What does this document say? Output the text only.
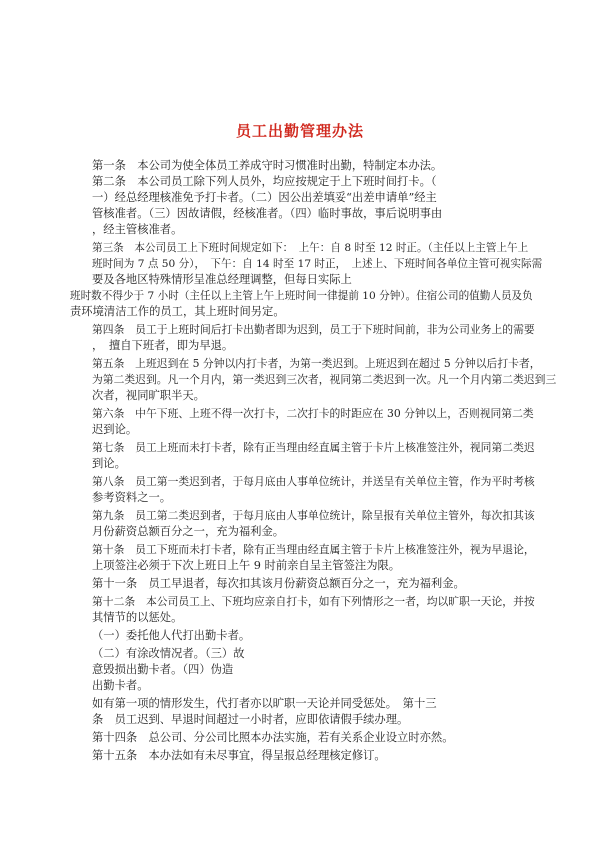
员工出勤管理办法
第一条　本公司为使全体员工养成守时习惯准时出勤，特制定本办法。
第二条　本公司员工除下列人员外，均应按规定于上下班时间打卡。（
一）经总经理核准免予打卡者。（二）因公出差填妥“出差申请单”经主
管核准者。（三）因故请假，经核准者。（四）临时事故，事后说明事由
，经主管核准者。
第三条　本公司员工上下班时间规定如下：　上午：自 8 时至 12 时正。（主任以上主管上午上
班时间为 7 点 50 分），　下午：自 14 时至 17 时正，　上述上、下班时间各单位主管可视实际需
要及各地区特殊情形呈准总经理调整，但每日实际上
班时数不得少于 7 小时（主任以上主管上午上班时间一律提前 10 分钟）。住宿公司的值勤人员及负
责环境清洁工作的员工，其上班时间另定。
第四条　员工于上班时间后打卡出勤者即为迟到，员工于下班时间前，非为公司业务上的需要
，　擅自下班者，即为早退。
第五条　上班迟到在 5 分钟以内打卡者，为第一类迟到。上班迟到在超过 5 分钟以后打卡者，
为第二类迟到。凡一个月内，第一类迟到三次者，视同第二类迟到一次。凡一个月内第二类迟到三
次者，视同旷职半天。
第六条　中午下班、上班不得一次打卡，二次打卡的时距应在 30 分钟以上，否则视同第二类
迟到论。
第七条　员工上班而未打卡者，除有正当理由经直属主管于卡片上核准签注外，视同第二类迟
到论。
第八条　员工第一类迟到者，于每月底由人事单位统计，并送呈有关单位主管，作为平时考核
参考资料之一。
第九条　员工第二类迟到者，于每月底由人事单位统计，除呈报有关单位主管外，每次扣其该
月份薪资总额百分之一，充为福利金。
第十条　员工下班而未打卡者，除有正当理由经直属主管于卡片上核准签注外，视为早退论，
上项签注必须于下次上班日上午 9 时前亲自呈主管签注为限。
第十一条　员工早退者，每次扣其该月份薪资总额百分之一，充为福利金。
第十二条　本公司员工上、下班均应亲自打卡，如有下列情形之一者，均以旷职一天论，并按
其情节的以惩处。
（一）委托他人代打出勤卡者。
（二）有涂改情况者。（三）故
意毁损出勤卡者。（四）伪造
出勤卡者。
如有第一项的情形发生，代打者亦以旷职一天论并同受惩处。　第十三
条　员工迟到、早退时间超过一小时者，应即依请假手续办理。
第十四条　总公司、分公司比照本办法实施，若有关系企业设立时亦然。
第十五条　本办法如有未尽事宜，得呈报总经理核定修订。
